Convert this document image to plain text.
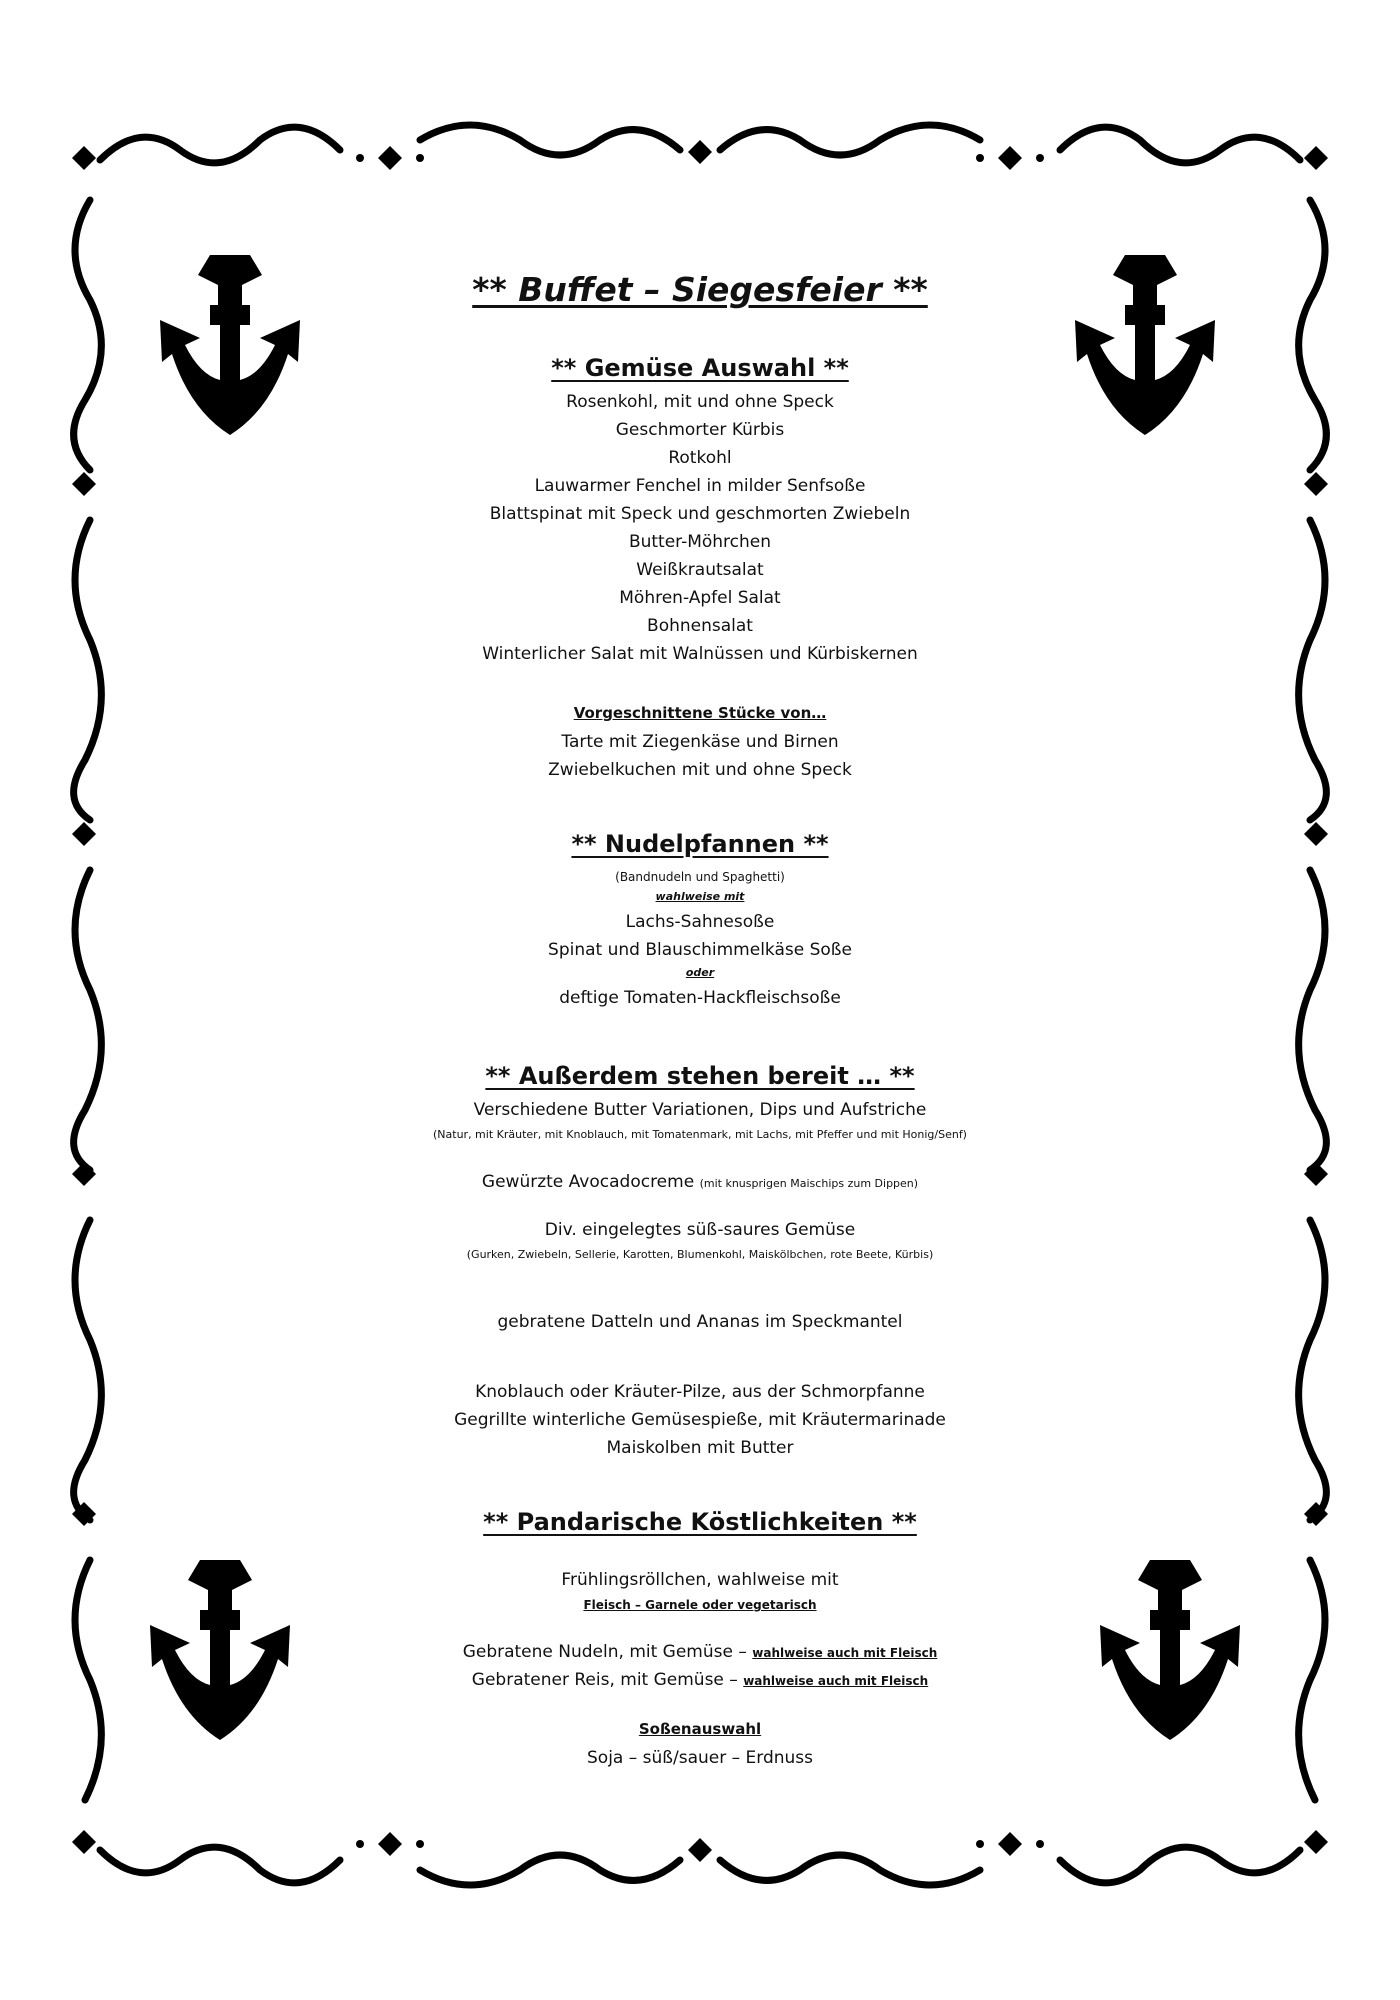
** Buffet – Siegesfeier **
** Gemüse Auswahl **
Rosenkohl, mit und ohne Speck
Geschmorter Kürbis
Rotkohl
Lauwarmer Fenchel in milder Senfsoße
Blattspinat mit Speck und geschmorten Zwiebeln
Butter-Möhrchen
Weißkrautsalat
Möhren-Apfel Salat
Bohnensalat
Winterlicher Salat mit Walnüssen und Kürbiskernen
Vorgeschnittene Stücke von…
Tarte mit Ziegenkäse und Birnen
Zwiebelkuchen mit und ohne Speck
** Nudelpfannen **
(Bandnudeln und Spaghetti)
wahlweise mit
Lachs-Sahnesoße
Spinat und Blauschimmelkäse Soße
oder
deftige Tomaten-Hackfleischsoße
** Außerdem stehen bereit … **
Verschiedene Butter Variationen, Dips und Aufstriche
(Natur, mit Kräuter, mit Knoblauch, mit Tomatenmark, mit Lachs, mit Pfeffer und mit Honig/Senf)
Gewürzte Avocadocreme (mit knusprigen Maischips zum Dippen)
Div. eingelegtes süß-saures Gemüse
(Gurken, Zwiebeln, Sellerie, Karotten, Blumenkohl, Maiskölbchen, rote Beete, Kürbis)
gebratene Datteln und Ananas im Speckmantel
Knoblauch oder Kräuter-Pilze, aus der Schmorpfanne
Gegrillte winterliche Gemüsespieße, mit Kräutermarinade
Maiskolben mit Butter
** Pandarische Köstlichkeiten **
Frühlingsröllchen, wahlweise mit
Fleisch – Garnele oder vegetarisch
Gebratene Nudeln, mit Gemüse – wahlweise auch mit Fleisch
Gebratener Reis, mit Gemüse – wahlweise auch mit Fleisch
Soßenauswahl
Soja – süß/sauer – Erdnuss
